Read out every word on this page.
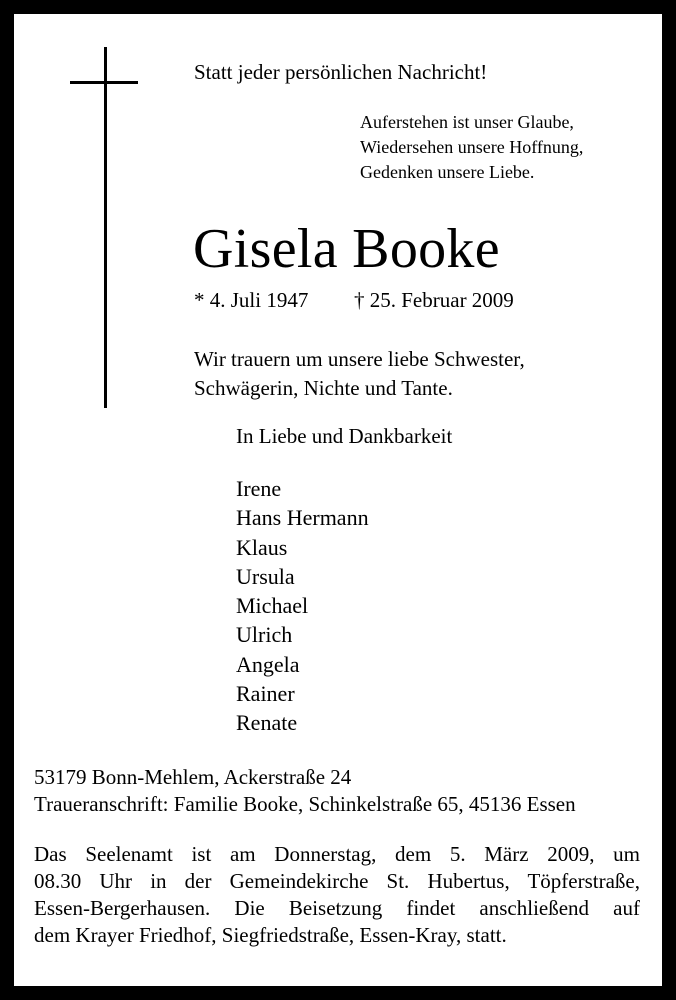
Statt jeder persönlichen Nachricht!
Auferstehen ist unser Glaube,
Wiedersehen unsere Hoffnung,
Gedenken unsere Liebe.
Gisela Booke
* 4. Juli 1947 † 25. Februar 2009
Wir trauern um unsere liebe Schwester,
Schwägerin, Nichte und Tante.
In Liebe und Dankbarkeit
Irene
Hans Hermann
Klaus
Ursula
Michael
Ulrich
Angela
Rainer
Renate
53179 Bonn-Mehlem, Ackerstraße 24
Traueranschrift: Familie Booke, Schinkelstraße 65, 45136 Essen
Das Seelenamt ist am Donnerstag, dem 5. März 2009, um
08.30 Uhr in der Gemeindekirche St. Hubertus, Töpferstraße,
Essen-Bergerhausen. Die Beisetzung findet anschließend auf
dem Krayer Friedhof, Siegfriedstraße, Essen-Kray, statt.
